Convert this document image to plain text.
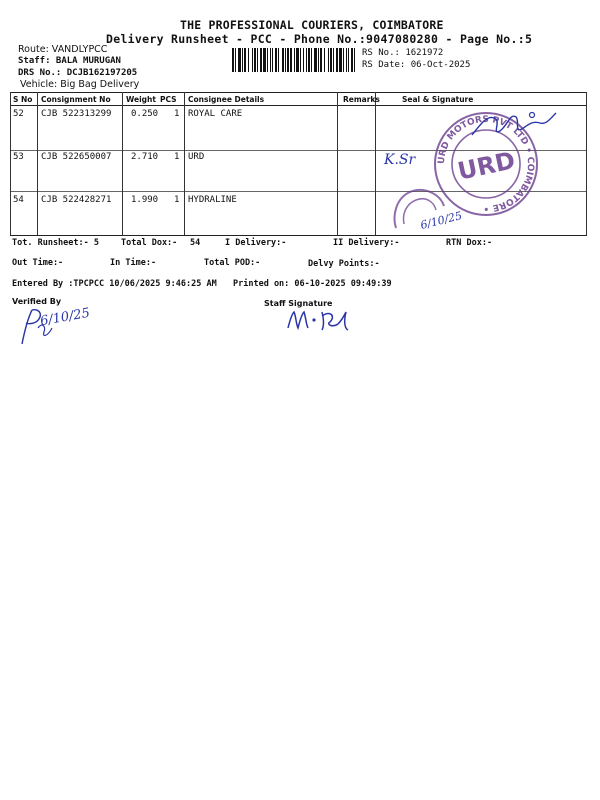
THE PROFESSIONAL COURIERS, COIMBATORE
Delivery Runsheet - PCC - Phone No.:9047080280 - Page No.:5
Route: VANDLYPCC
Staff: BALA MURUGAN
DRS No.: DCJB162197205
Vehicle: Big Bag Delivery
RS No.: 1621972
RS Date: 06-Oct-2025
S No Consignment No Weight PCS Consignee Details	Remarks	Seal & Signature
52 CJB 522313299 0.250 1 ROYAL CARE
53 CJB 522650007 2.710 1 URD
54 CJB 522428271 1.990 1 HYDRALINE
URD MOTORS PVT LTD • COIMBATORE •
URD
K.Sr
6/10/25
Tot. Runsheet:- 5	Total Dox:- 54	I Delivery:-	II Delivery:-	RTN Dox:-
Out Time:-	In Time:-	Total POD:-	Delvy Points:-
Entered By :TPCPCC 10/06/2025 9:46:25 AM Printed on: 06-10-2025 09:49:39
Verified By	Staff Signature
6/10/25
